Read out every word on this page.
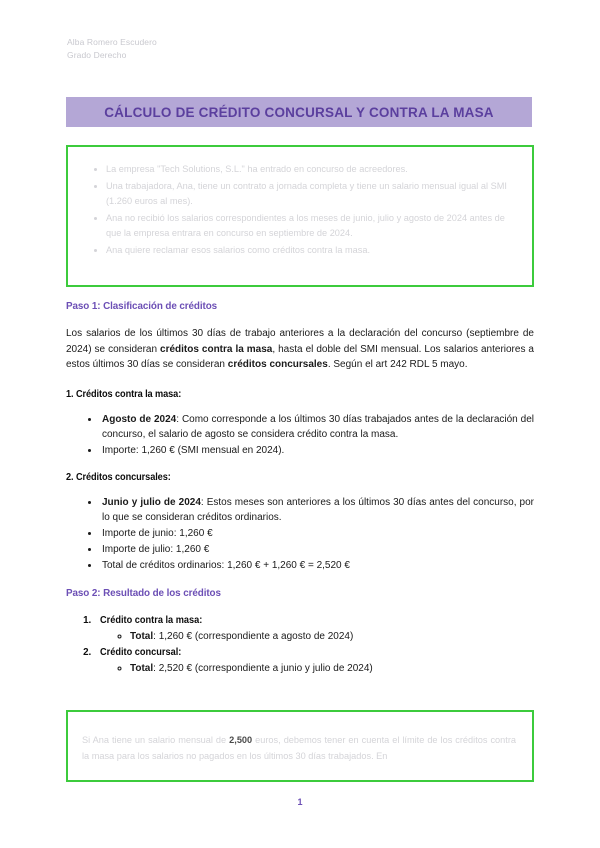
Alba Romero Escudero
Grado Derecho
CÁLCULO DE CRÉDITO CONCURSAL Y CONTRA LA MASA
• La empresa "Tech Solutions, S.L." ha entrado en concurso de acreedores.
• Una trabajadora, Ana, tiene un contrato a jornada completa y tiene un salario mensual igual al SMI (1.260 euros al mes).
• Ana no recibió los salarios correspondientes a los meses de junio, julio y agosto de 2024 antes de que la empresa entrara en concurso en septiembre de 2024.
• Ana quiere reclamar esos salarios como créditos contra la masa.
Paso 1: Clasificación de créditos

Los salarios de los últimos 30 días de trabajo anteriores a la declaración del concurso (septiembre de 2024) se consideran créditos contra la masa, hasta el doble del SMI mensual. Los salarios anteriores a estos últimos 30 días se consideran créditos concursales. Según el art 242 RDL 5 mayo.

1. Créditos contra la masa:
• Agosto de 2024: Como corresponde a los últimos 30 días trabajados antes de la declaración del concurso, el salario de agosto se considera crédito contra la masa.
• Importe: 1,260 € (SMI mensual en 2024).
2. Créditos concursales:
• Junio y julio de 2024: Estos meses son anteriores a los últimos 30 días antes del concurso, por lo que se consideran créditos ordinarios.
• Importe de junio: 1,260 €
• Importe de julio: 1,260 €
• Total de créditos ordinarios: 1,260 € + 1,260 € = 2,520 €
Paso 2: Resultado de los créditos
1. Crédito contra la masa:
◦ Total: 1,260 € (correspondiente a agosto de 2024)
2. Crédito concursal:
◦ Total: 2,520 € (correspondiente a junio y julio de 2024)

Si Ana tiene un salario mensual de 2,500 euros, debemos tener en cuenta el límite de los créditos contra la masa para los salarios no pagados en los últimos 30 días trabajados. En

1
